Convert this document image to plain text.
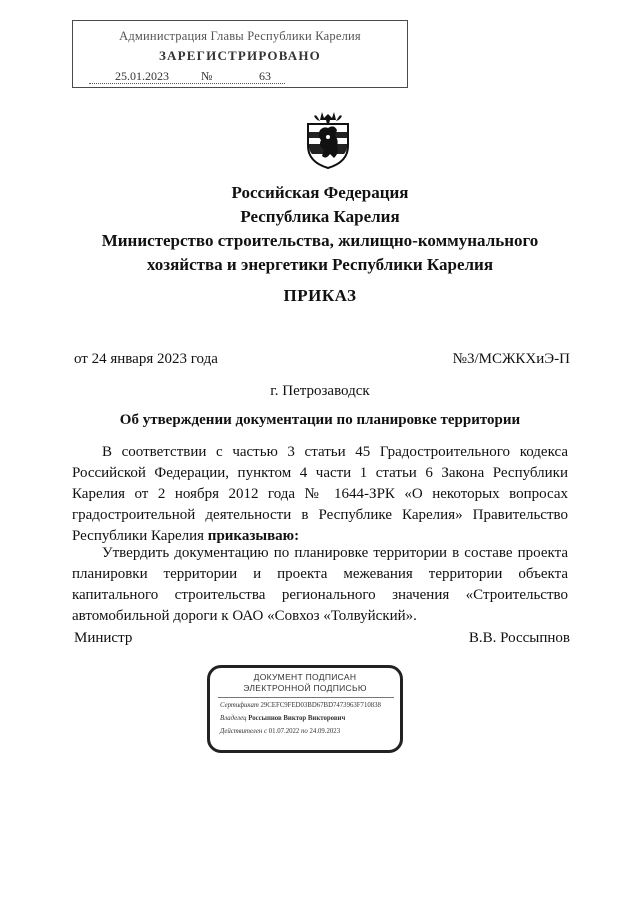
Администрация Главы Республики Карелия
ЗАРЕГИСТРИРОВАНО
25.01.2023	№	63
Российская Федерация
Республика Карелия
Министерство строительства, жилищно-коммунального
хозяйства и энергетики Республики Карелия
ПРИКАЗ
от 24 января 2023 года	№3/МСЖКХиЭ-П
г. Петрозаводск
Об утверждении документации по планировке территории
В соответствии с частью 3 статьи 45 Градостроительного кодекса Российской Федерации, пунктом 4 части 1 статьи 6 Закона Республики Карелия от 2 ноября 2012 года № 1644-ЗРК «О некоторых вопросах градостроительной деятельности в Республике Карелия» Правительство Республики Карелия приказываю:
Утвердить документацию по планировке территории в составе проекта планировки территории и проекта межевания территории объекта капитального строительства регионального значения «Строительство автомобильной дороги к ОАО «Совхоз «Толвуйский».
Министр	В.В. Россыпнов
ДОКУМЕНТ ПОДПИСАН
ЭЛЕКТРОННОЙ ПОДПИСЬЮ
Сертификат 29CEFC9FED03BD67BD7473963F710838
Владелец Россыпнов Виктор Викторович
Действителен с 01.07.2022 по 24.09.2023
